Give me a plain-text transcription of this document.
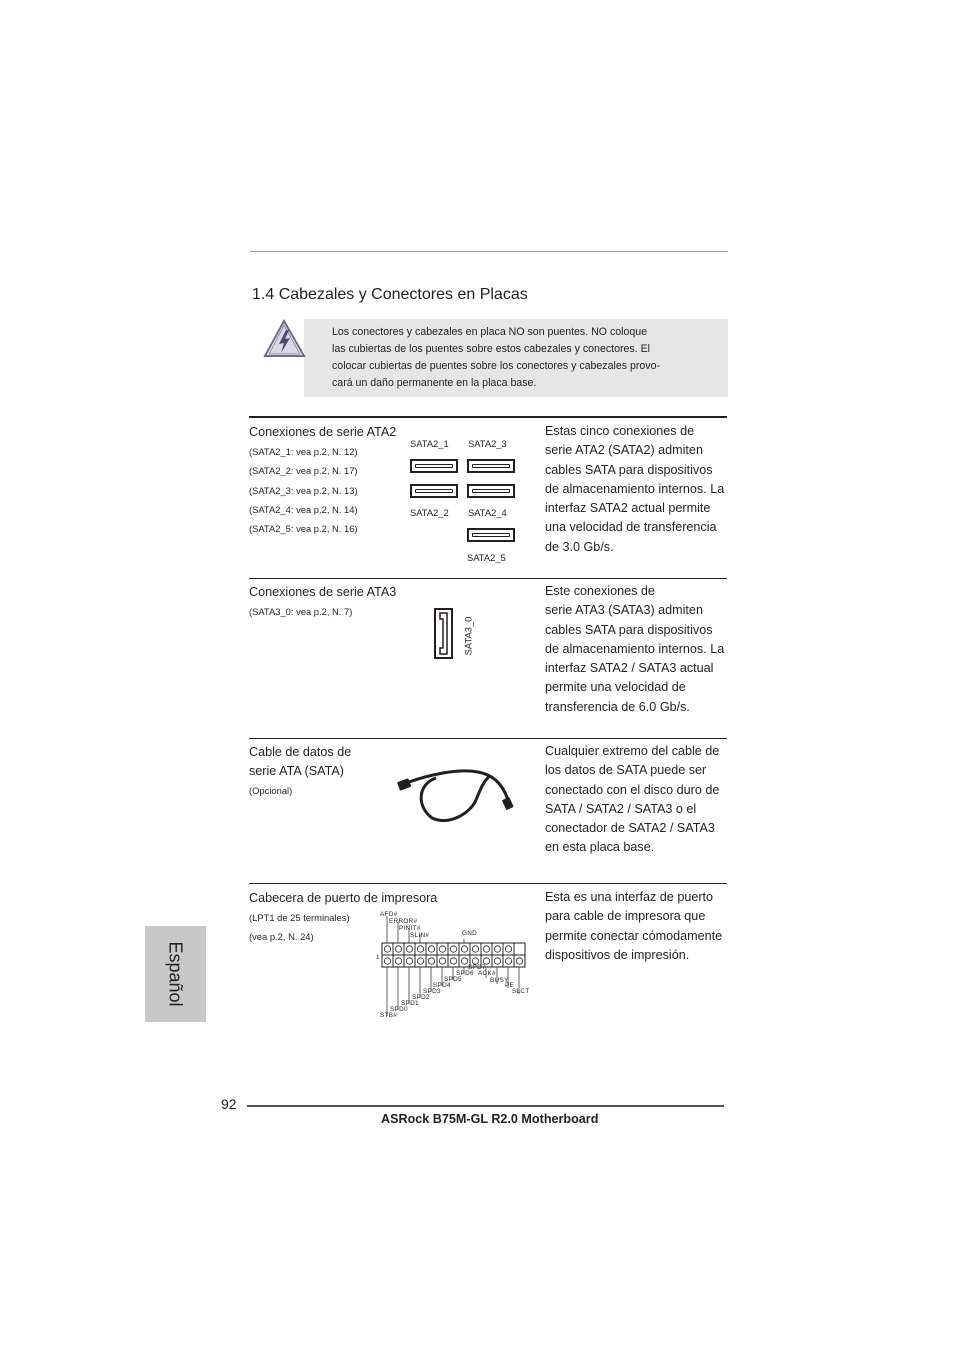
1.4 Cabezales y Conectores en Placas
Los conectores y cabezales en placa NO son puentes. NO coloque
las cubiertas de los puentes sobre estos cabezales y conectores. El
colocar cubiertas de puentes sobre los conectores y cabezales provo-
cará un daño permanente en la placa base.
Conexiones de serie ATA2
(SATA2_1: vea p.2, N. 12)
(SATA2_2: vea p.2, N. 17)
(SATA2_3: vea p.2, N. 13)
(SATA2_4: vea p.2, N. 14)
(SATA2_5: vea p.2, N. 16)
SATA2_1 SATA2_3
SATA2_2 SATA2_4
SATA2_5
Estas cinco conexiones de
serie ATA2 (SATA2) admiten
cables SATA para dispositivos
de almacenamiento internos. La
interfaz SATA2 actual permite
una velocidad de transferencia
de 3.0 Gb/s.
Conexiones de serie ATA3
(SATA3_0: vea p.2, N. 7)
SATA3_0
Este conexiones de
serie ATA3 (SATA3) admiten
cables SATA para dispositivos
de almacenamiento internos. La
interfaz SATA2 / SATA3 actual
permite una velocidad de
transferencia de 6.0 Gb/s.
Cable de datos de
serie ATA (SATA)
(Opcional)
Cualquier extremo del cable de
los datos de SATA puede ser
conectado con el disco duro de
SATA / SATA2 / SATA3 o el
conectador de SATA2 / SATA3
en esta placa base.
Cabecera de puerto de impresora
(LPT1 de 25 terminales)
(vea p.2, N. 24)
1
AFD#
ERROR#
PINIT#
SLIN#	GND
SPD7
SPD6
SPD5
SPD4
SPD3
SPD2
SPD1
SPD0
STB#
ACK#
BUSY
PE
SLCT
Esta es una interfaz de puerto
para cable de impresora que
permite conectar cómodamente
dispositivos de impresión.
Español
92
ASRock B75M-GL R2.0 Motherboard
